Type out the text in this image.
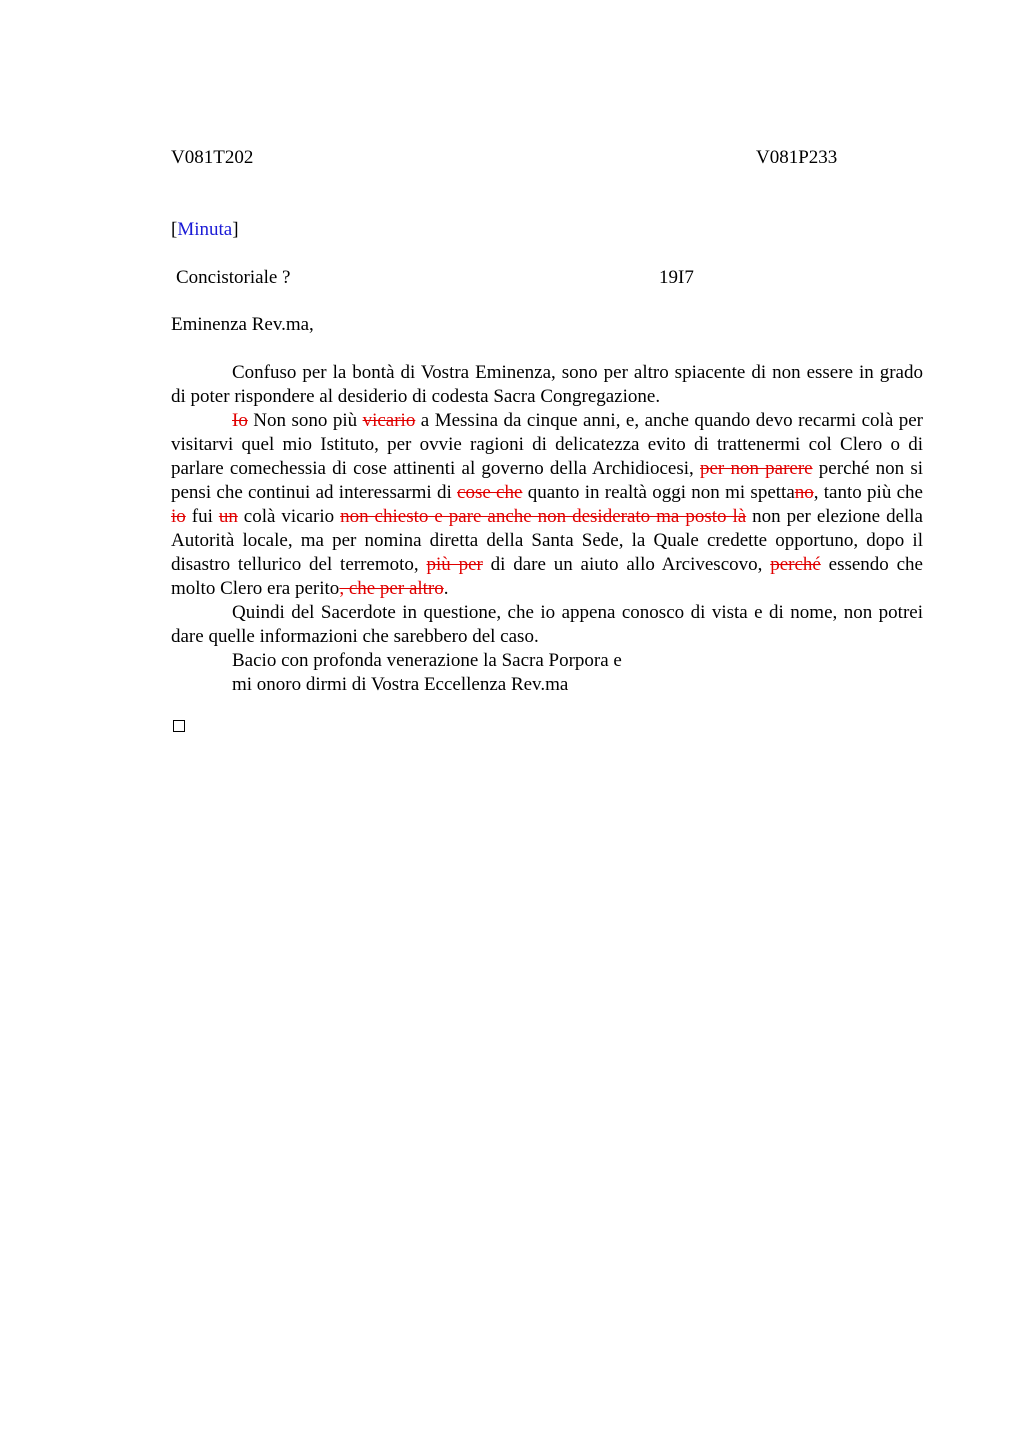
V081T202	V081P233
[Minuta]
Concistoriale ?	19I7
Eminenza Rev.ma,

Confuso per la bontà di Vostra Eminenza, sono per altro spiacente di non essere in grado di poter rispondere al desiderio di codesta Sacra Congregazione.

Io Non sono più vicario a Messina da cinque anni, e, anche quando devo recarmi colà per visitarvi quel mio Istituto, per ovvie ragioni di delicatezza evito di trattenermi col Clero o di parlare comechessia di cose attinenti al governo della Archidiocesi, per non parere perché non si pensi che continui ad interessarmi di cose che quanto in realtà oggi non mi spettano, tanto più che io fui un colà vicario non chiesto e pare anche non desiderato ma posto là non per elezione della Autorità locale, ma per nomina diretta della Santa Sede, la Quale credette opportuno, dopo il disastro tellurico del terremoto, più per di dare un aiuto allo Arcivescovo, perché essendo che molto Clero era perito, che per altro.

Quindi del Sacerdote in questione, che io appena conosco di vista e di nome, non potrei dare quelle informazioni che sarebbero del caso.

Bacio con profonda venerazione la Sacra Porpora e

mi onoro dirmi di Vostra Eccellenza Rev.ma
